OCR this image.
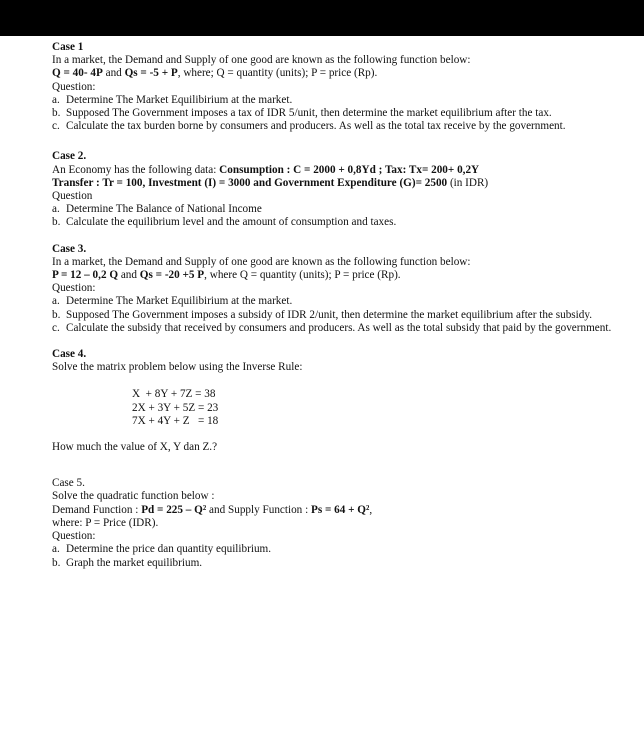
Case 1
In a market, the Demand and Supply of one good are known as the following function below:
Q = 40- 4P and Qs = -5 + P, where; Q = quantity (units); P = price (Rp).
Question:
a. Determine The Market Equilibirium at the market.
b. Supposed The Government imposes a tax of IDR 5/unit, then determine the market equilibrium after the tax.
c. Calculate the tax burden borne by consumers and producers. As well as the total tax receive by the government.
Case 2.
An Economy has the following data: Consumption : C = 2000 + 0,8Yd ; Tax: Tx= 200+ 0,2Y
Transfer : Tr = 100, Investment (I) = 3000 and Government Expenditure (G)= 2500 (in IDR)
Question
a. Determine The Balance of National Income
b. Calculate the equilibrium level and the amount of consumption and taxes.
Case 3.
In a market, the Demand and Supply of one good are known as the following function below:
P = 12 – 0,2 Q and Qs = -20 +5 P, where Q = quantity (units); P = price (Rp).
Question:
a. Determine The Market Equilibirium at the market.
b. Supposed The Government imposes a subsidy of IDR 2/unit, then determine the market equilibrium after the subsidy.
c. Calculate the subsidy that received by consumers and producers. As well as the total subsidy that paid by the government.
Case 4.
Solve the matrix problem below using the Inverse Rule:
X  + 8Y + 7Z = 38
2X + 3Y + 5Z = 23
7X + 4Y + Z   = 18
How much the value of X, Y dan Z.?
Case 5.
Solve the quadratic function below :
Demand Function : Pd = 225 – Q² and Supply Function : Ps = 64 + Q²,
where: P = Price (IDR).
Question:
a. Determine the price dan quantity equilibrium.
b. Graph the market equilibrium.
